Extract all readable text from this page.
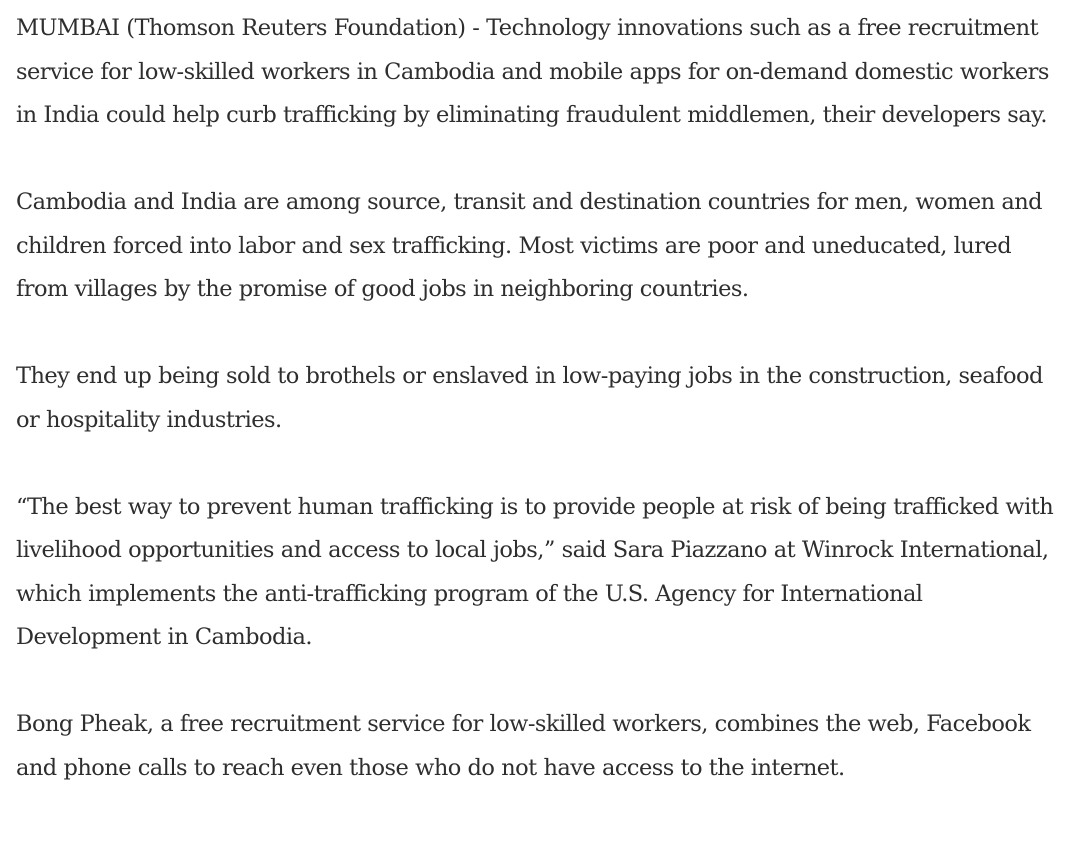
MUMBAI (Thomson Reuters Foundation) - Technology innovations such as a free recruitment service for low-skilled workers in Cambodia and mobile apps for on-demand domestic workers in India could help curb trafficking by eliminating fraudulent middlemen, their developers say.

Cambodia and India are among source, transit and destination countries for men, women and children forced into labor and sex trafficking. Most victims are poor and uneducated, lured from villages by the promise of good jobs in neighboring countries.

They end up being sold to brothels or enslaved in low-paying jobs in the construction, seafood or hospitality industries.

“The best way to prevent human trafficking is to provide people at risk of being trafficked with livelihood opportunities and access to local jobs,” said Sara Piazzano at Winrock International, which implements the anti-trafficking program of the U.S. Agency for International Development in Cambodia.

Bong Pheak, a free recruitment service for low-skilled workers, combines the web, Facebook and phone calls to reach even those who do not have access to the internet.
